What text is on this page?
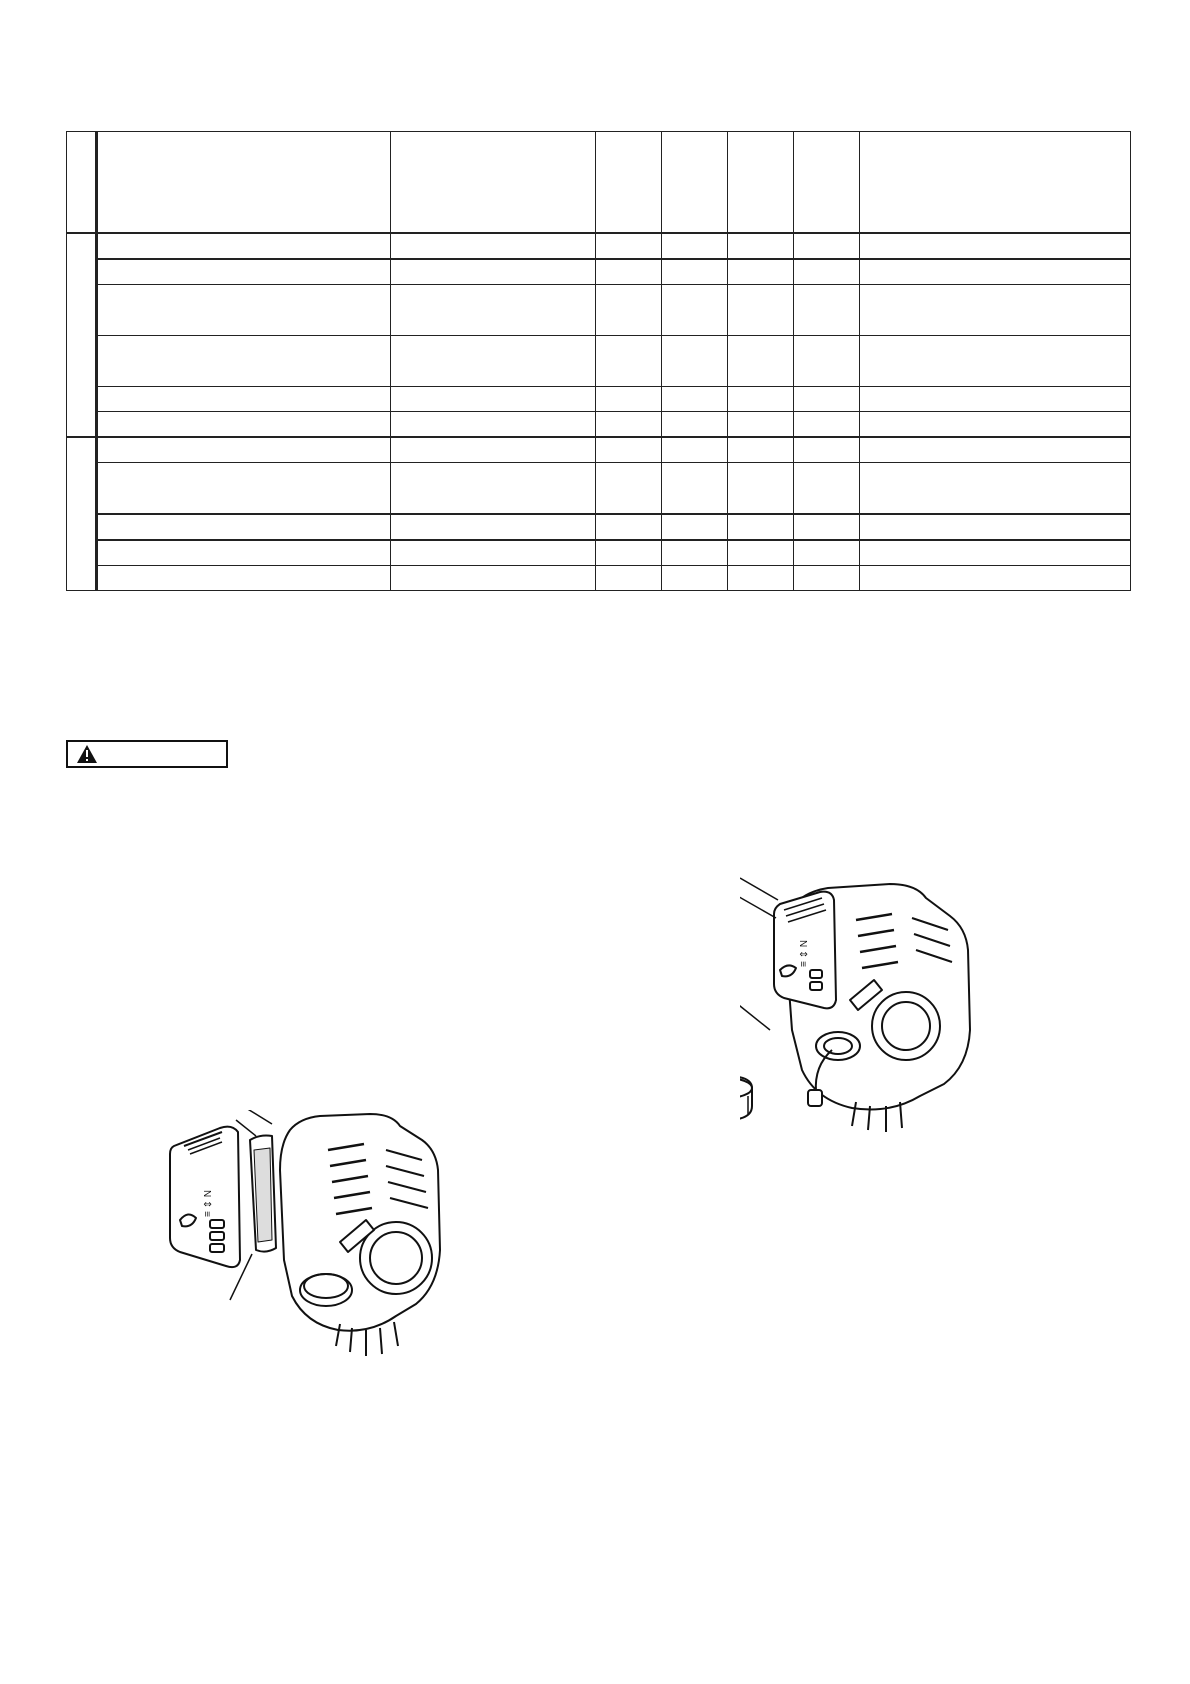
N ⇕ ≡
N ⇕ ≡
